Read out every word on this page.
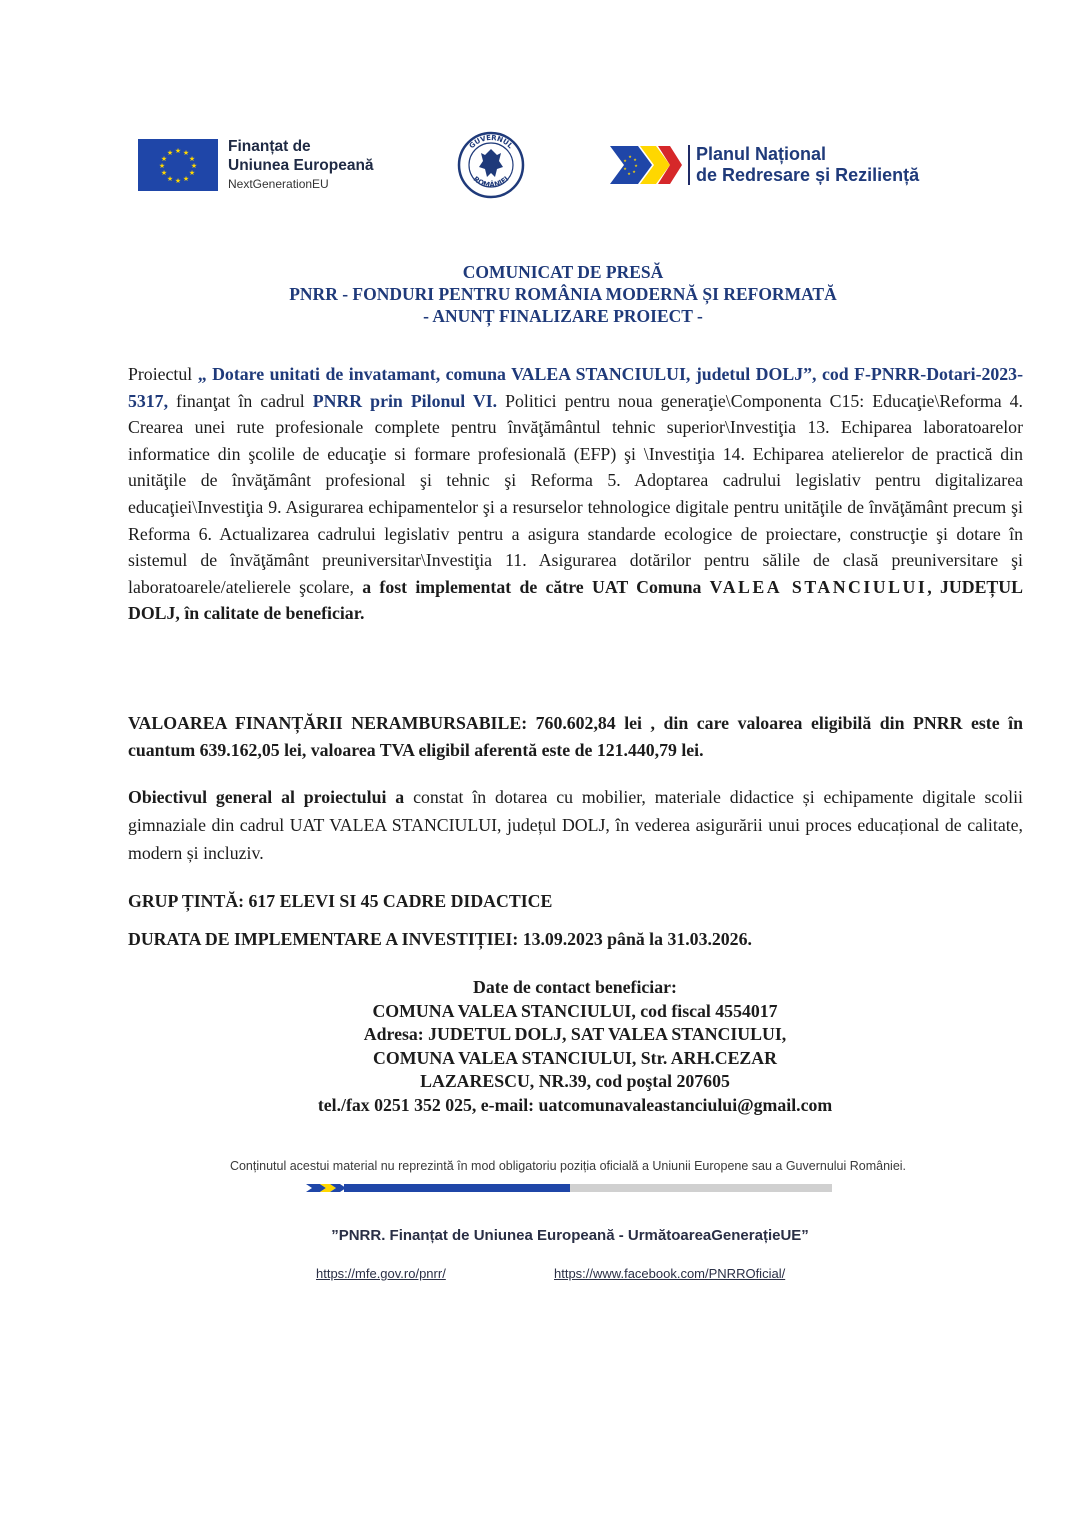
★ ★
★
★
★
★
★
★
★
★
★
★	Finanțat de
Uniunea Europeană
NextGenerationEU
GUVERNUL
ROMÂNIEI
★
★
★
★
★
★
★	Planul Național
de Redresare și Reziliență
COMUNICAT DE PRESĂ
PNRR - FONDURI PENTRU ROMÂNIA MODERNĂ ȘI REFORMATĂ
- ANUNȚ FINALIZARE PROIECT -
Proiectul „ Dotare unitati de invatamant, comuna VALEA STANCIULUI, judetul DOLJ”, cod F-PNRR-Dotari-2023-5317, finanţat în cadrul PNRR prin Pilonul VI. Politici pentru noua generaţie\Componenta C15: Educaţie\Reforma 4. Crearea unei rute profesionale complete pentru învăţământul tehnic superior\Investiţia 13. Echiparea laboratoarelor informatice din şcolile de educaţie si formare profesională (EFP) şi \Investiţia 14. Echiparea atelierelor de practică din unităţile de învăţământ profesional şi tehnic şi Reforma 5. Adoptarea cadrului legislativ pentru digitalizarea educaţiei\Investiţia 9. Asigurarea echipamentelor şi a resurselor tehnologice digitale pentru unităţile de învăţământ precum şi Reforma 6. Actualizarea cadrului legislativ pentru a asigura standarde ecologice de proiectare, construcţie şi dotare în sistemul de învăţământ preuniversitar\Investiţia 11. Asigurarea dotărilor pentru sălile de clasă preuniversitare şi laboratoarele/atelierele şcolare, a fost implementat de către UAT Comuna VALEA STANCIULUI, JUDEȚUL DOLJ, în calitate de beneficiar.
VALOAREA FINANȚĂRII NERAMBURSABILE: 760.602,84 lei , din care valoarea eligibilă din PNRR este în cuantum 639.162,05 lei, valoarea TVA eligibil aferentă este de 121.440,79 lei.
Obiectivul general al proiectului a constat în dotarea cu mobilier, materiale didactice și echipamente digitale scolii gimnaziale din cadrul UAT VALEA STANCIULUI, județul DOLJ, în vederea asigurării unui proces educațional de calitate, modern și incluziv.
GRUP ȚINTĂ: 617 ELEVI SI 45 CADRE DIDACTICE
DURATA DE IMPLEMENTARE A INVESTIȚIEI: 13.09.2023 până la 31.03.2026.
Date de contact beneficiar:
COMUNA VALEA STANCIULUI, cod fiscal 4554017
Adresa: JUDETUL DOLJ, SAT VALEA STANCIULUI,
COMUNA VALEA STANCIULUI, Str. ARH.CEZAR
LAZARESCU, NR.39, cod poştal 207605
tel./fax 0251 352 025, e-mail: uatcomunavaleastanciului@gmail.com
Conținutul acestui material nu reprezintă în mod obligatoriu poziția oficială a Uniunii Europene sau a Guvernului României.
”PNRR. Finanțat de Uniunea Europeană - UrmătoareaGenerațieUE”
https://mfe.gov.ro/pnrr/	https://www.facebook.com/PNRROficial/
